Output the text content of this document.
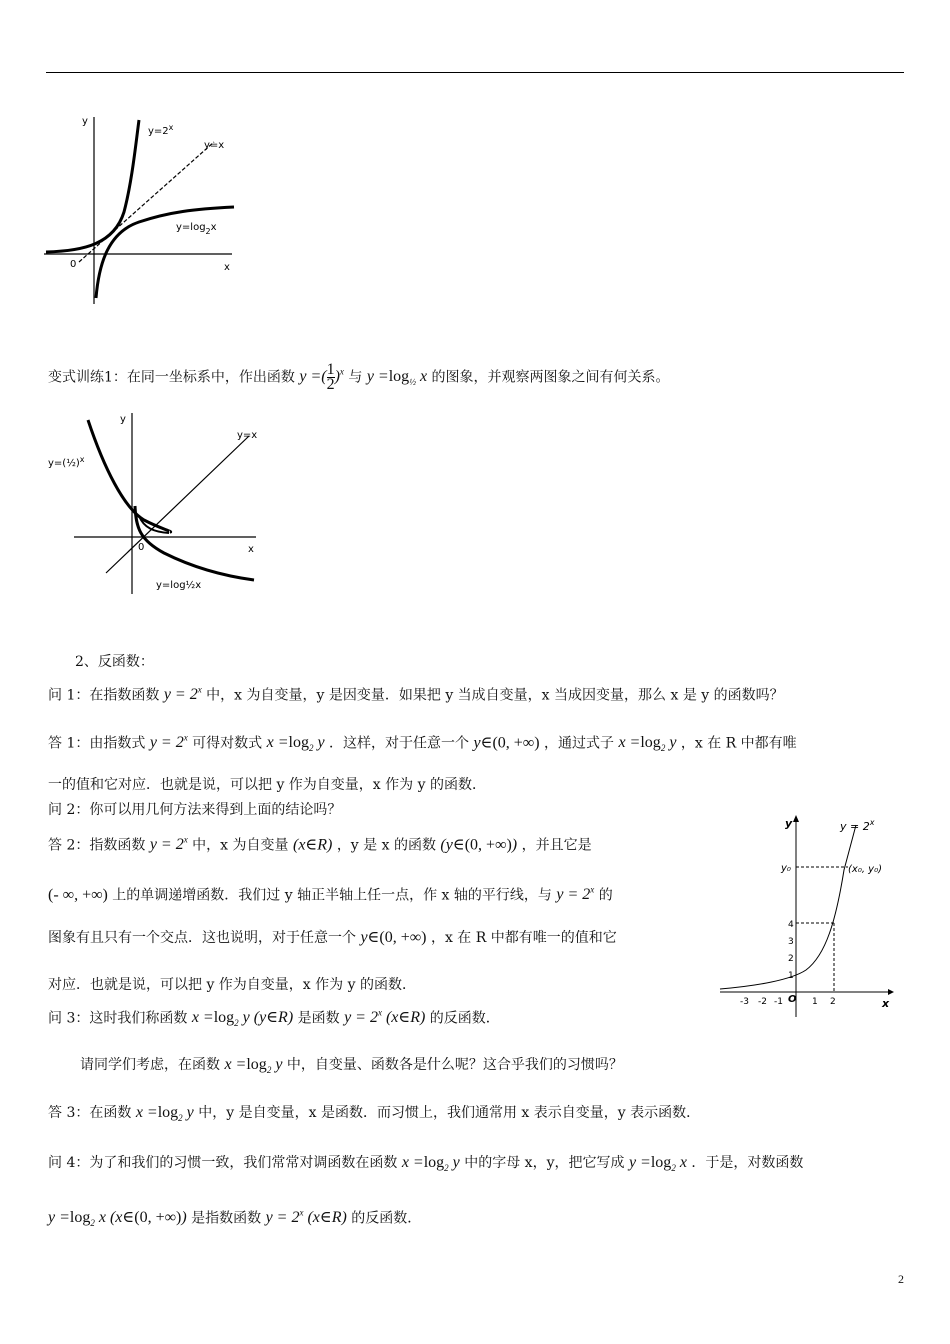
y
x
0
$y=2^x$
y=x
$y=\log_2x$
变式训练1：在同一坐标系中，作出函数 y =( $\frac{1}{2} )^x$ 与 $y =\log_{\frac{1}{2}}$ x 的图象，并观察两图象之间有何关系。
y
x
0
y=(½)$^x$
y=x
y=log½x
2、反函数：
问 1：在指数函数 $y = 2^x$ 中，x 为自变量，y 是因变量．如果把 y 当成自变量，x 当成因变量，那么 x 是 y 的函数吗？
答 1：由指数式 $y = 2^x$ 可得对数式 $x =\log_2$ y ．这样，对于任意一个 y∈(0, +∞) ，通过式子 $x =\log_2$ y ，x 在 R 中都有唯
一的值和它对应．也就是说，可以把 y 作为自变量，x 作为 y 的函数．
问 2：你可以用几何方法来得到上面的结论吗？
答 2：指数函数 $y = 2^x$ 中，x 为自变量 (x∈R) ，y 是 x 的函数 (y∈(0, +∞)) ，并且它是
(- ∞, +∞) 上的单调递增函数．我们过 y 轴正半轴上任一点，作 x 轴的平行线，与 $y = 2^x$ 的
图象有且只有一个交点．这也说明，对于任意一个 y∈(0, +∞) ，x 在 R 中都有唯一的值和它
对应．也就是说，可以把 y 作为自变量，x 作为 y 的函数．
问 3：这时我们称函数 $x =\log_2$ y (y∈R) 是函数 $y = 2^x$ (x∈R) 的反函数．
请同学们考虑，在函数 $x =\log_2$ y 中，自变量、函数各是什么呢？这合乎我们的习惯吗？
答 3：在函数 $x =\log_2$ y 中，y 是自变量，x 是函数．而习惯上，我们通常用 x 表示自变量，y 表示函数．
问 4：为了和我们的习惯一致，我们常常对调函数在函数 $x =\log_2$ y 中的字母 x，y，把它写成 $y =\log_2$ x ．于是，对数函数
$y =\log_2$ x (x∈(0, +∞)) 是指数函数 $y = 2^x$ (x∈R) 的反函数．
y
x
O
$y = 2^x$
y₀	(x₀, y₀)
4
3
2
1
-3 -2 -1	1 2
2
